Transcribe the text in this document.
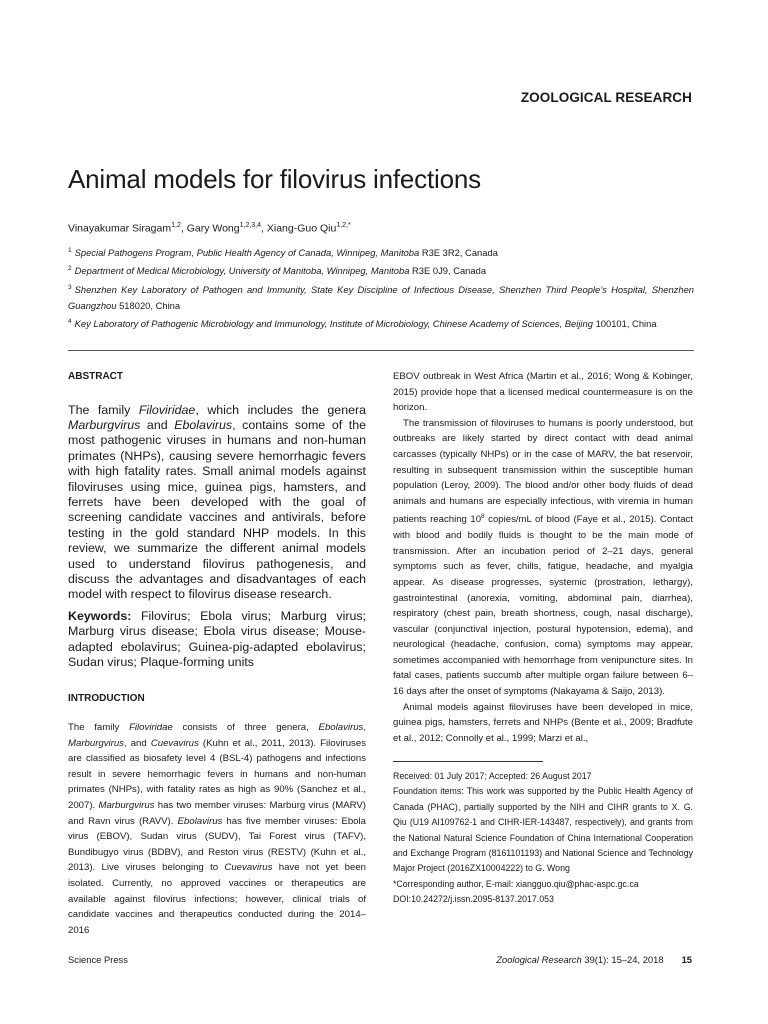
ZOOLOGICAL RESEARCH
Animal models for filovirus infections
Vinayakumar Siragam$^{1,2}$, Gary Wong$^{1,2,3,4}$, Xiang-Guo Qiu$^{1,2,*}$
$^1$ Special Pathogens Program, Public Health Agency of Canada, Winnipeg, Manitoba R3E 3R2, Canada
$^2$ Department of Medical Microbiology, University of Manitoba, Winnipeg, Manitoba R3E 0J9, Canada
$^3$ Shenzhen Key Laboratory of Pathogen and Immunity, State Key Discipline of Infectious Disease, Shenzhen Third People’s Hospital, Shenzhen Guangzhou 518020, China
$^4$ Key Laboratory of Pathogenic Microbiology and Immunology, Institute of Microbiology, Chinese Academy of Sciences, Beijing 100101, China
ABSTRACT

The family Filoviridae, which includes the genera Marburgvirus and Ebolavirus, contains some of the most pathogenic viruses in humans and non-human primates (NHPs), causing severe hemorrhagic fevers with high fatality rates. Small animal models against filoviruses using mice, guinea pigs, hamsters, and ferrets have been developed with the goal of screening candidate vaccines and antivirals, before testing in the gold standard NHP models. In this review, we summarize the different animal models used to understand filovirus pathogenesis, and discuss the advantages and disadvantages of each model with respect to filovirus disease research.

Keywords: Filovirus; Ebola virus; Marburg virus; Marburg virus disease; Ebola virus disease; Mouse-adapted ebolavirus; Guinea-pig-adapted ebolavirus; Sudan virus; Plaque-forming units

INTRODUCTION

The family Filoviridae consists of three genera, Ebolavirus, Marburgvirus, and Cuevavirus (Kuhn et al., 2011, 2013). Filoviruses are classified as biosafety level 4 (BSL-4) pathogens and infections result in severe hemorrhagic fevers in humans and non-human primates (NHPs), with fatality rates as high as 90% (Sanchez et al., 2007). Marburgvirus has two member viruses: Marburg virus (MARV) and Ravn virus (RAVV). Ebolavirus has five member viruses: Ebola virus (EBOV), Sudan virus (SUDV), Tai Forest virus (TAFV), Bundibugyo virus (BDBV), and Reston virus (RESTV) (Kuhn et al., 2013). Live viruses belonging to Cuevavirus have not yet been isolated. Currently, no approved vaccines or therapeutics are available against filovirus infections; however, clinical trials of candidate vaccines and therapeutics conducted during the 2014–2016

EBOV outbreak in West Africa (Martin et al., 2016; Wong & Kobinger, 2015) provide hope that a licensed medical countermeasure is on the horizon.

The transmission of filoviruses to humans is poorly understood, but outbreaks are likely started by direct contact with dead animal carcasses (typically NHPs) or in the case of MARV, the bat reservoir, resulting in subsequent transmission within the susceptible human population (Leroy, 2009). The blood and/or other body fluids of dead animals and humans are especially infectious, with viremia in human patients reaching $10^8$ copies/mL of blood (Faye et al., 2015). Contact with blood and bodily fluids is thought to be the main mode of transmission. After an incubation period of 2–21 days, general symptoms such as fever, chills, fatigue, headache, and myalgia appear. As disease progresses, systemic (prostration, lethargy), gastrointestinal (anorexia, vomiting, abdominal pain, diarrhea), respiratory (chest pain, breath shortness, cough, nasal discharge), vascular (conjunctival injection, postural hypotension, edema), and neurological (headache, confusion, coma) symptoms may appear, sometimes accompanied with hemorrhage from venipuncture sites. In fatal cases, patients succumb after multiple organ failure between 6–16 days after the onset of symptoms (Nakayama & Saijo, 2013).

Animal models against filoviruses have been developed in mice, guinea pigs, hamsters, ferrets and NHPs (Bente et al., 2009; Bradfute et al., 2012; Connolly et al., 1999; Marzi et al.,

Received: 01 July 2017; Accepted: 26 August 2017

Foundation items: This work was supported by the Public Health Agency of Canada (PHAC), partially supported by the NIH and CIHR grants to X. G. Qiu (U19 AI109762-1 and CIHR-IER-143487, respectively), and grants from the National Natural Science Foundation of China International Cooperation and Exchange Program (8161101193) and National Science and Technology Major Project (2016ZX10004222) to G. Wong

*Corresponding author, E-mail: xiangguo.qiu@phac-aspc.gc.ca

DOI:10.24272/j.issn.2095-8137.2017.053

Science Press	Zoological Research 39(1): 15–24, 2018 15
